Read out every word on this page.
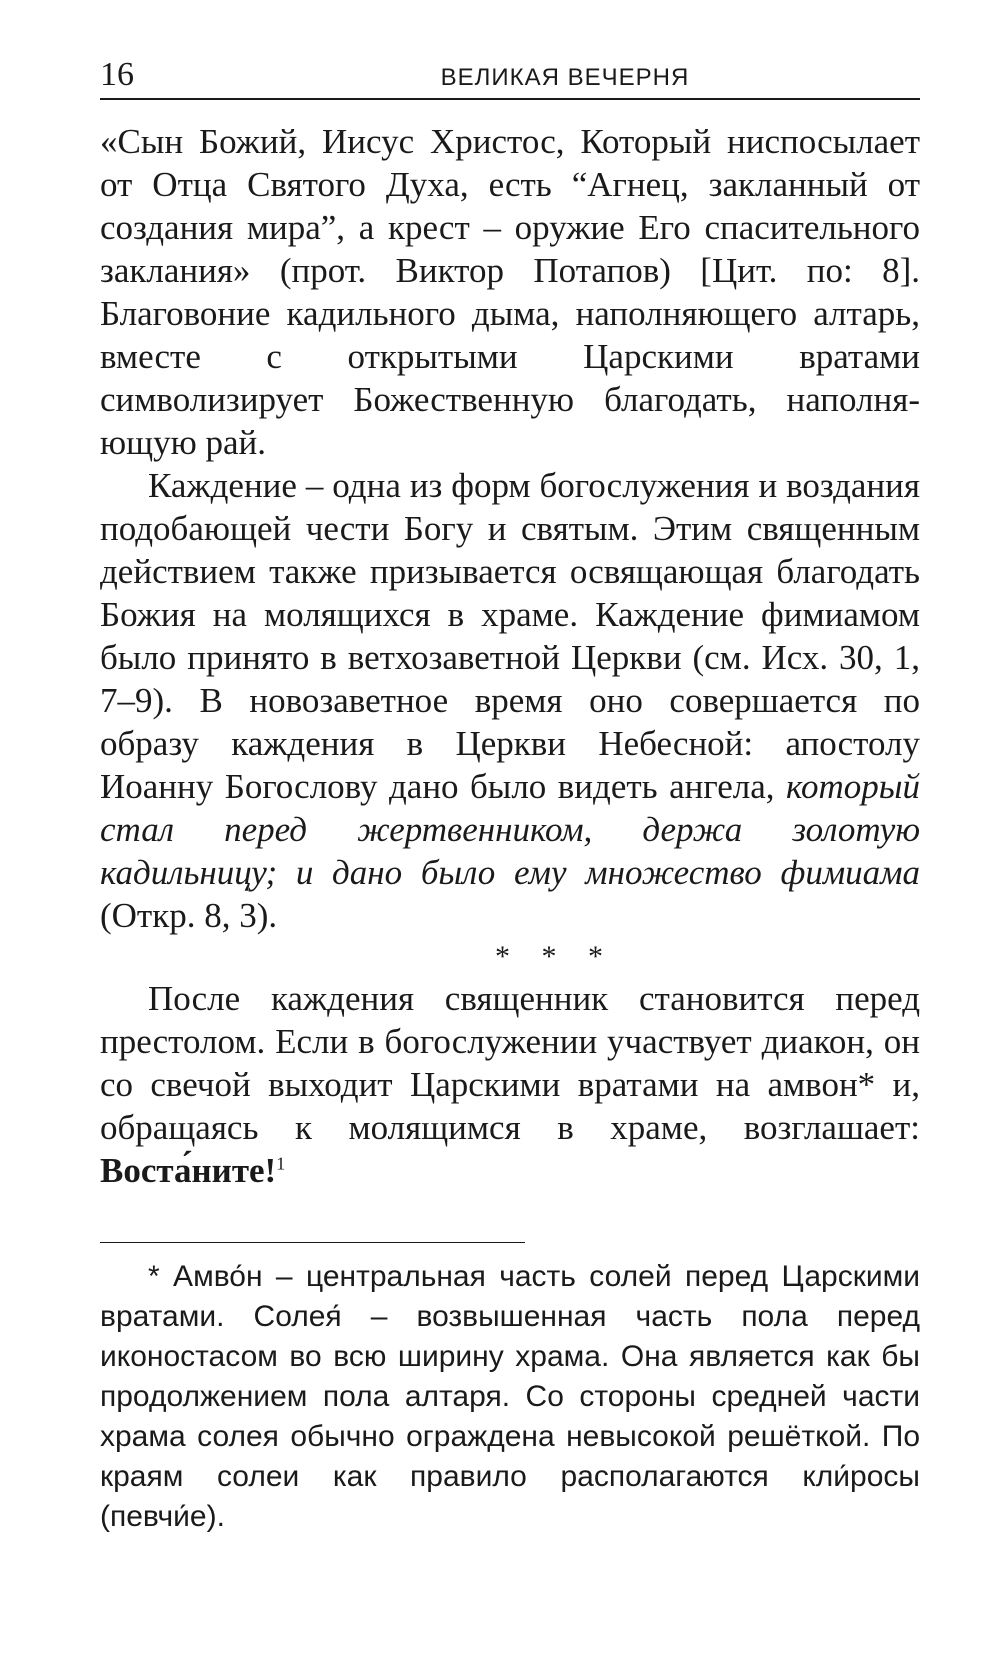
16	ВЕЛИКАЯ ВЕЧЕРНЯ

«Сын Божий, Иисус Христос, Который ниспосылает от Отца Святого Духа, есть “Агнец, закланный от создания мира”, а крест – оружие Его спасительного заклания» (прот. Виктор Потапов) [Цит. по: 8]. Благовоние кадильного дыма, наполняющего алтарь, вместе с открытыми Царскими вратами символизирует Божественную благодать, наполняющую рай.

Каждение – одна из форм богослужения и воздания подобающей чести Богу и святым. Этим священным действием также призывается освящающая благодать Божия на молящихся в храме. Каждение фимиамом было принято в ветхозаветной Церкви (см. Исх. 30, 1, 7–9). В новозаветное время оно совершается по образу каждения в Церкви Небесной: апостолу Иоанну Богослову дано было видеть ангела, который стал перед жертвенником, держа золотую кадильницу; и дано было ему множество фимиама (Откр. 8, 3).

* * *

После каждения священник становится перед престолом. Если в богослужении участвует диакон, он со свечой выходит Царскими вратами на амвон* и, обращаясь к молящимся в храме, возглашает: Воста́ните!$^1$

* Амво́н – центральная часть солей перед Царскими вратами. Солея́ – возвышенная часть пола перед иконостасом во всю ширину храма. Она является как бы продолжением пола алтаря. Со стороны средней части храма солея обычно ограждена невысокой решёткой. По краям солеи как правило располагаются кли́росы (певчи́е).
